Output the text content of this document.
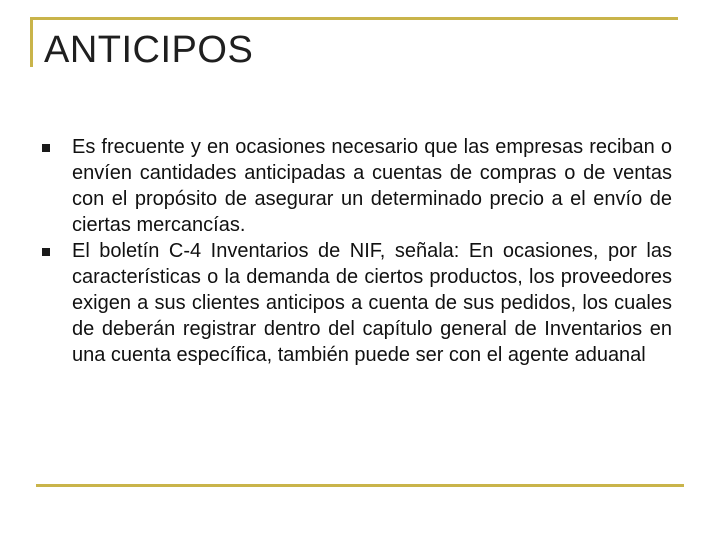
ANTICIPOS
Es frecuente y en ocasiones necesario que las empresas reciban o envíen cantidades anticipadas a cuentas de compras o de ventas con el propósito de asegurar un determinado precio a el envío de ciertas mercancías.
El boletín C-4 Inventarios de NIF, señala: En ocasiones, por las características o la demanda de ciertos productos, los proveedores exigen a sus clientes anticipos a cuenta de sus pedidos, los cuales de deberán registrar dentro del capítulo general de Inventarios en una cuenta específica, también puede ser con el agente aduanal
